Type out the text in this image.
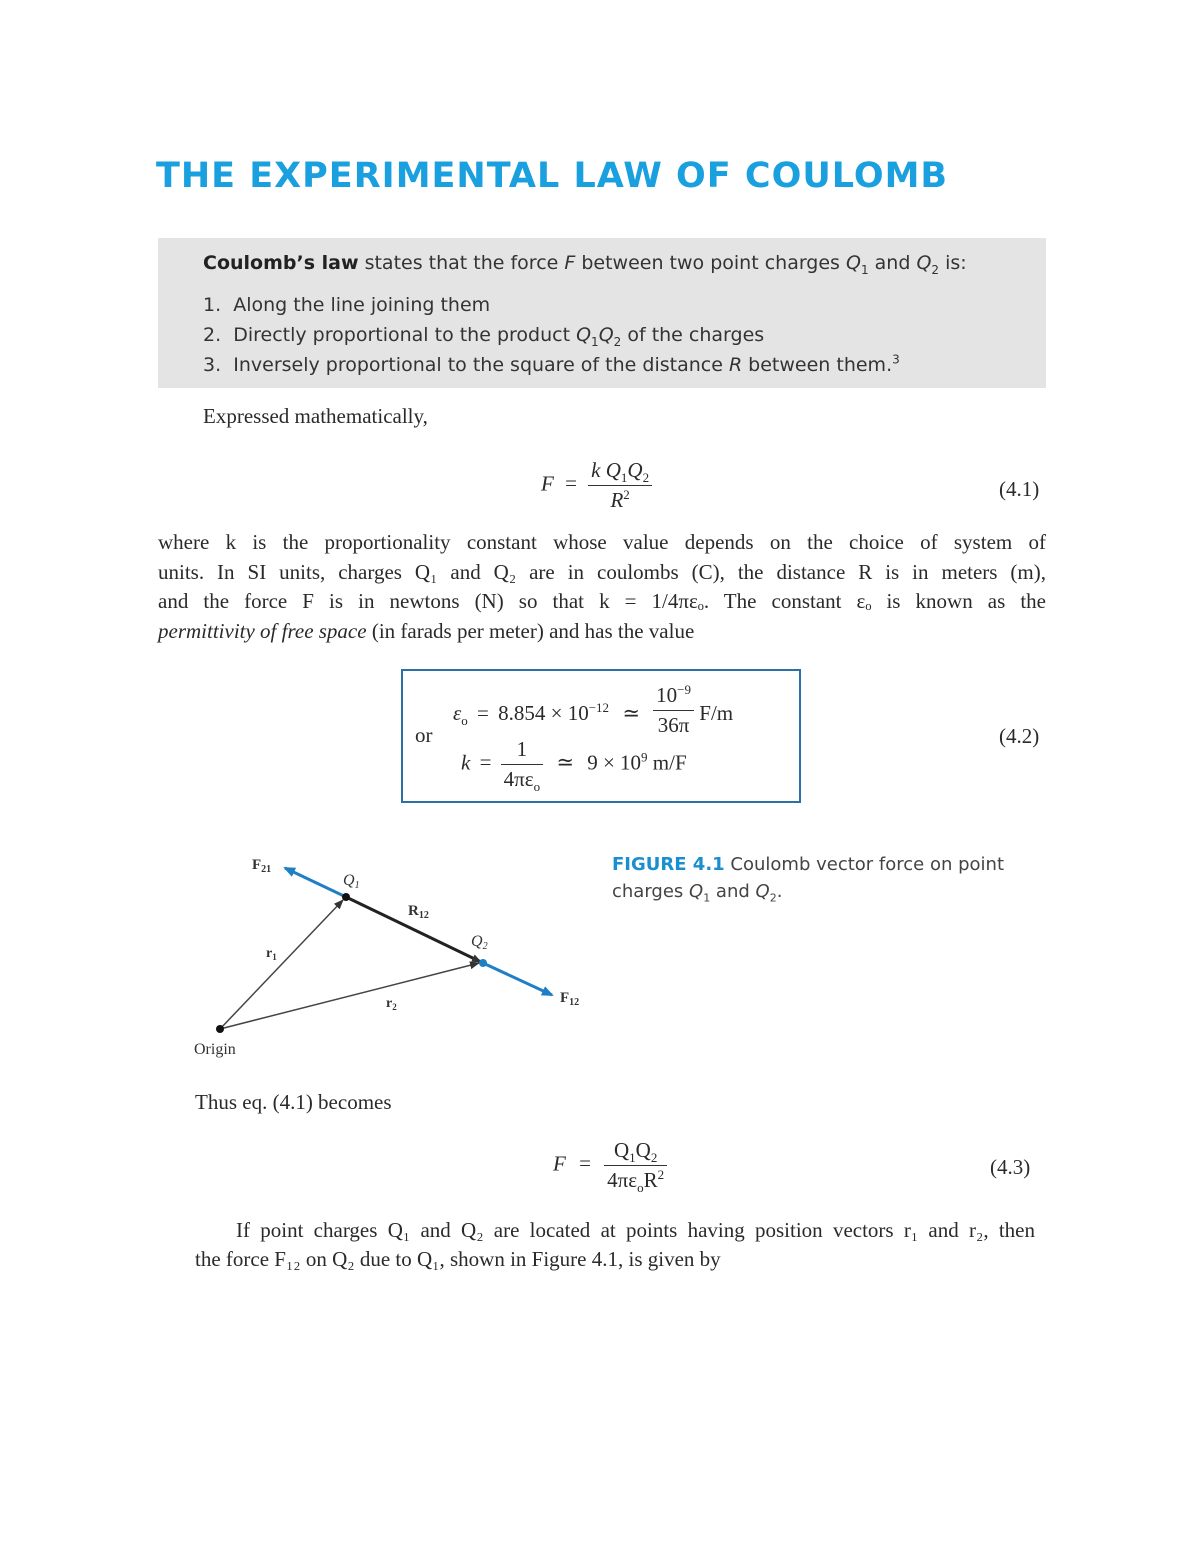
THE EXPERIMENTAL LAW OF COULOMB
Coulomb’s law states that the force F between two point charges $Q_1$ and $Q_2$ is:
1. Along the line joining them
2. Directly proportional to the product $Q_1Q_2$ of the charges
3. Inversely proportional to the square of the distance R between them.$^3$
Expressed mathematically,
$F = \frac{k Q_1Q_2}{R^2}$	(4.1)
where k is the proportionality constant whose value depends on the choice of system of
units. In SI units, charges Q₁ and Q₂ are in coulombs (C), the distance R is in meters (m),
and the force F is in newtons (N) so that k = 1/4πεₒ. The constant εₒ is known as the
permittivity of free space (in farads per meter) and has the value
$\varepsilon_o = 8.854 \times 10^{-12}$ ≃ $\frac{10^{-9}}{36\pi} F/m$
or
$k = \frac{1}{4\pi\varepsilon_o}$ ≃ $9 \times 10^9$ m/F
(4.2)
$F_{21}$
Q1
$R_{12}$
Q2
$r_1$
$r_2$
$F_{12}$
Origin
FIGURE 4.1 Coulomb vector force on point
charges $Q_1$ and $Q_2$.
Thus eq. (4.1) becomes
$F = \frac{Q_1Q_2}{4\pi\varepsilon_oR^2}$	(4.3)
If point charges Q₁ and Q₂ are located at points having position vectors r₁ and r₂, then
the force F₁₂ on Q₂ due to Q₁, shown in Figure 4.1, is given by
